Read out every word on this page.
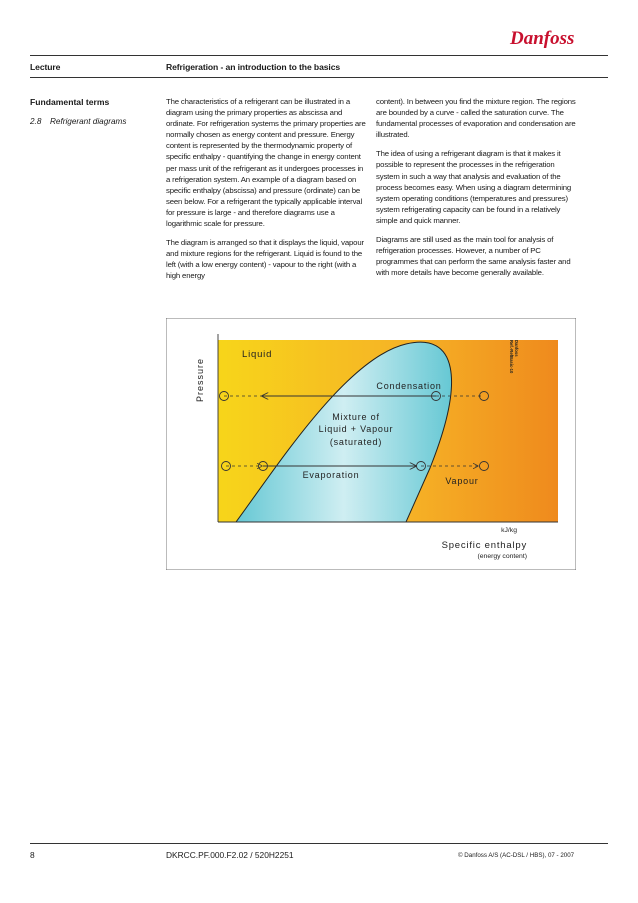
Danfoss
Lecture	Refrigeration - an introduction to the basics
Fundamental terms
2.8 Refrigerant diagrams

The characteristics of a refrigerant can be illustrated in a diagram using the primary properties as abscissa and ordinate. For refrigeration systems the primary properties are normally chosen as energy content and pressure. Energy content is represented by the thermodynamic property of specific enthalpy - quantifying the change in energy content per mass unit of the refrigerant as it undergoes processes in a refrigeration system. An example of a diagram based on specific enthalpy (abscissa) and pressure (ordinate) can be seen below. For a refrigerant the typically applicable interval for pressure is large - and therefore diagrams use a logarithmic scale for pressure.

The diagram is arranged so that it displays the liquid, vapour and mixture regions for the refrigerant. Liquid is found to the left (with a low energy content) - vapour to the right (with a high energy

content). In between you find the mixture region. The regions are bounded by a curve - called the saturation curve. The fundamental processes of evaporation and condensation are illustrated.

The idea of using a refrigerant diagram is that it makes it possible to represent the processes in the refrigeration system in such a way that analysis and evaluation of the process becomes easy. When using a diagram determining system operating conditions (temperatures and pressures) system refrigerating capacity can be found in a relatively simple and quick manner.

Diagrams are still used as the main tool for analysis of refrigeration processes. However, a number of PC programmes that can perform the same analysis faster and with more details have become generally available.

Pressure
Liquid
Condensation
Mixture of
Liquid + Vapour
(saturated)
Evaporation
Vapour
kJ/kg
Specific enthalpy
(energy content)
Danfoss
Ref.-RefBasic-10
8	DKRCC.PF.000.F2.02 / 520H2251	© Danfoss A/S (AC-DSL / HBS), 07 - 2007
